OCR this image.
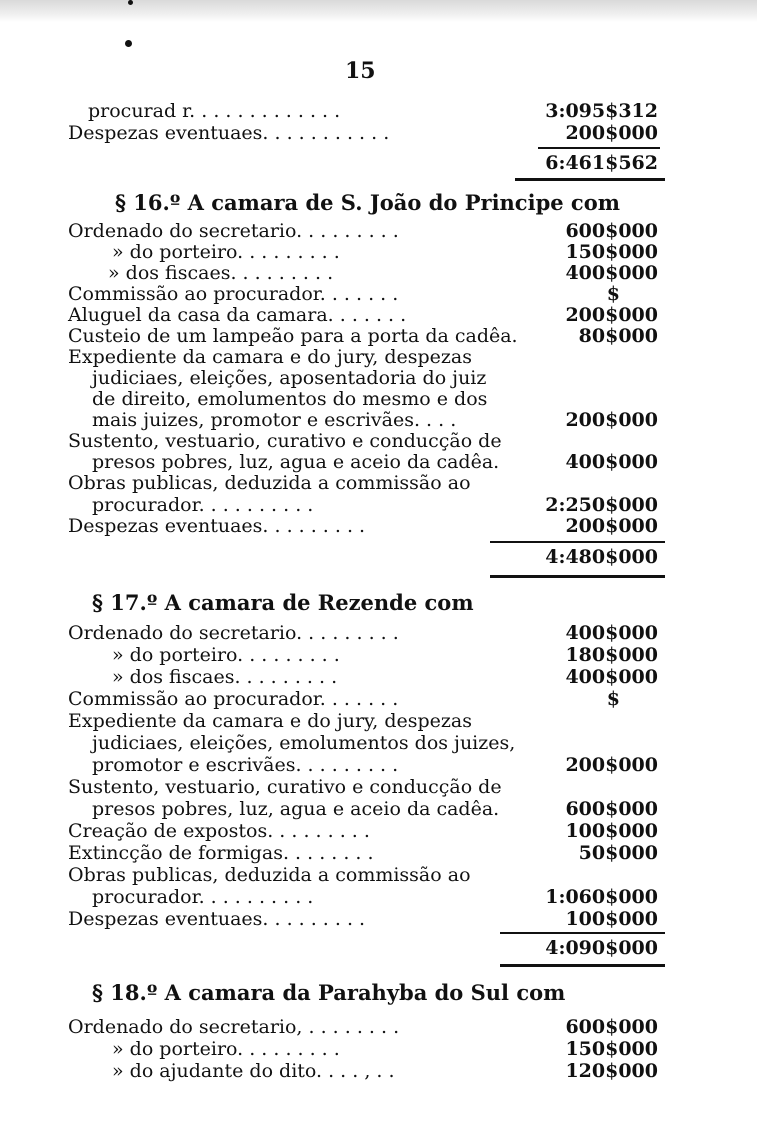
15
procurad r. . . . . . . . . . . . .	3:095$312
Despezas eventuaes. . . . . . . . . . .	200$000
6:461$562
§ 16.º A camara de S. João do Principe com
Ordenado do secretario. . . . . . . . .
» do porteiro. . . . . . . . .
» dos fiscaes. . . . . . . . .
Commissão ao procurador. . . . . . .
Aluguel da casa da camara. . . . . . .
Custeio de um lampeão para a porta da cadêa.
Expediente da camara e do jury, despezas
judiciaes, eleições, aposentadoria do juiz
de direito, emolumentos do mesmo e dos
mais juizes, promotor e escrivães. . . .
Sustento, vestuario, curativo e conducção de
presos pobres, luz, agua e aceio da cadêa.
Obras publicas, deduzida a commissão ao
procurador. . . . . . . . . .
Despezas eventuaes. . . . . . . . .
600$000
150$000
400$000
$
200$000
80$000
200$000
400$000
2:250$000
200$000
4:480$000
§ 17.º A camara de Rezende com
Ordenado do secretario. . . . . . . . .
» do porteiro. . . . . . . . .
» dos fiscaes. . . . . . . . .
Commissão ao procurador. . . . . . .
Expediente da camara e do jury, despezas
judiciaes, eleições, emolumentos dos juizes,
promotor e escrivães. . . . . . . . .
Sustento, vestuario, curativo e conducção de
presos pobres, luz, agua e aceio da cadêa.
Creação de expostos. . . . . . . . .
Extincção de formigas. . . . . . . .
Obras publicas, deduzida a commissão ao
procurador. . . . . . . . . .
Despezas eventuaes. . . . . . . . .
400$000
180$000
400$000
$
200$000
600$000
100$000
50$000
1:060$000
100$000
4:090$000
§ 18.º A camara da Parahyba do Sul com
Ordenado do secretario, . . . . . . . .
» do porteiro. . . . . . . . .
» do ajudante do dito. . . . , . .
600$000
150$000
120$000
